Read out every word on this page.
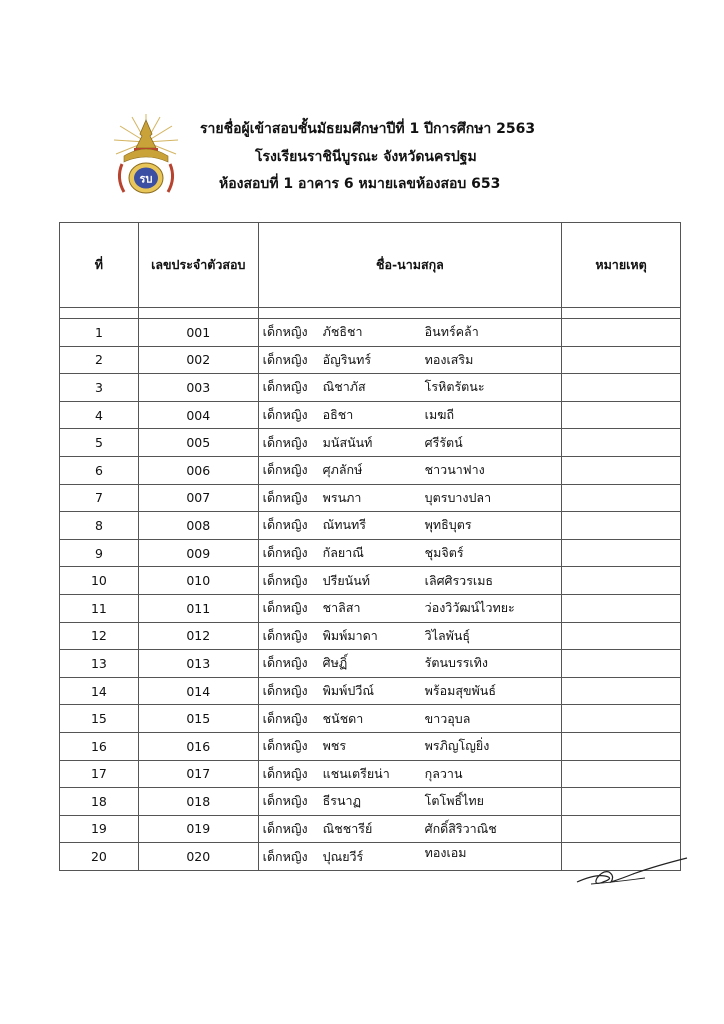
รบ
รายชื่อผู้เข้าสอบชั้นมัธยมศึกษาปีที่ 1 ปีการศึกษา 2563
โรงเรียนราชินีบูรณะ จังหวัดนครปฐม
ห้องสอบที่ 1 อาคาร 6 หมายเลขห้องสอบ 653
ที่	เลขประจำตัวสอบ	ชื่อ-นามสกุล	หมายเหตุ

1	001	เด็กหญิง ภัชธิชา อินทร์คล้า	

2	002	เด็กหญิง อัญรินทร์ ทองเสริม	

3	003	เด็กหญิง ณิชาภัส โรหิตรัตนะ	

4	004	เด็กหญิง อธิชา เมฆถี	

5	005	เด็กหญิง มนัสนันท์ ศรีรัตน์	

6	006	เด็กหญิง ศุภลักษ์ ชาวนาฟาง	

7	007	เด็กหญิง พรนภา บุตรบางปลา	

8	008	เด็กหญิง ณัทนทรี พุทธิบุตร	

9	009	เด็กหญิง กัลยาณี ชุมจิตร์	

10	010	เด็กหญิง ปรียนันท์ เลิศศิรวรเมธ	

11	011	เด็กหญิง ชาลิสา ว่องวิวัฒน์ไวทยะ	

12	012	เด็กหญิง พิมพ์มาดา วิไลพันธุ์	

13	013	เด็กหญิง ศิษฏิ์ รัตนบรรเทิง	

14	014	เด็กหญิง พิมพ์ปวีณ์ พร้อมสุขพันธ์	

15	015	เด็กหญิง ชนัชดา ขาวอุบล	

16	016	เด็กหญิง พชร พรภิญโญยิ่ง	

17	017	เด็กหญิง แชนเตรียน่า กุลวาน	

18	018	เด็กหญิง ธีรนาฏ โตโพธิ์ไทย	

19	019	เด็กหญิง ณิชชารีย์ ศักดิ์สิริวาณิช	

20	020	เด็กหญิง ปุณยวีร์ ทองเอม	
